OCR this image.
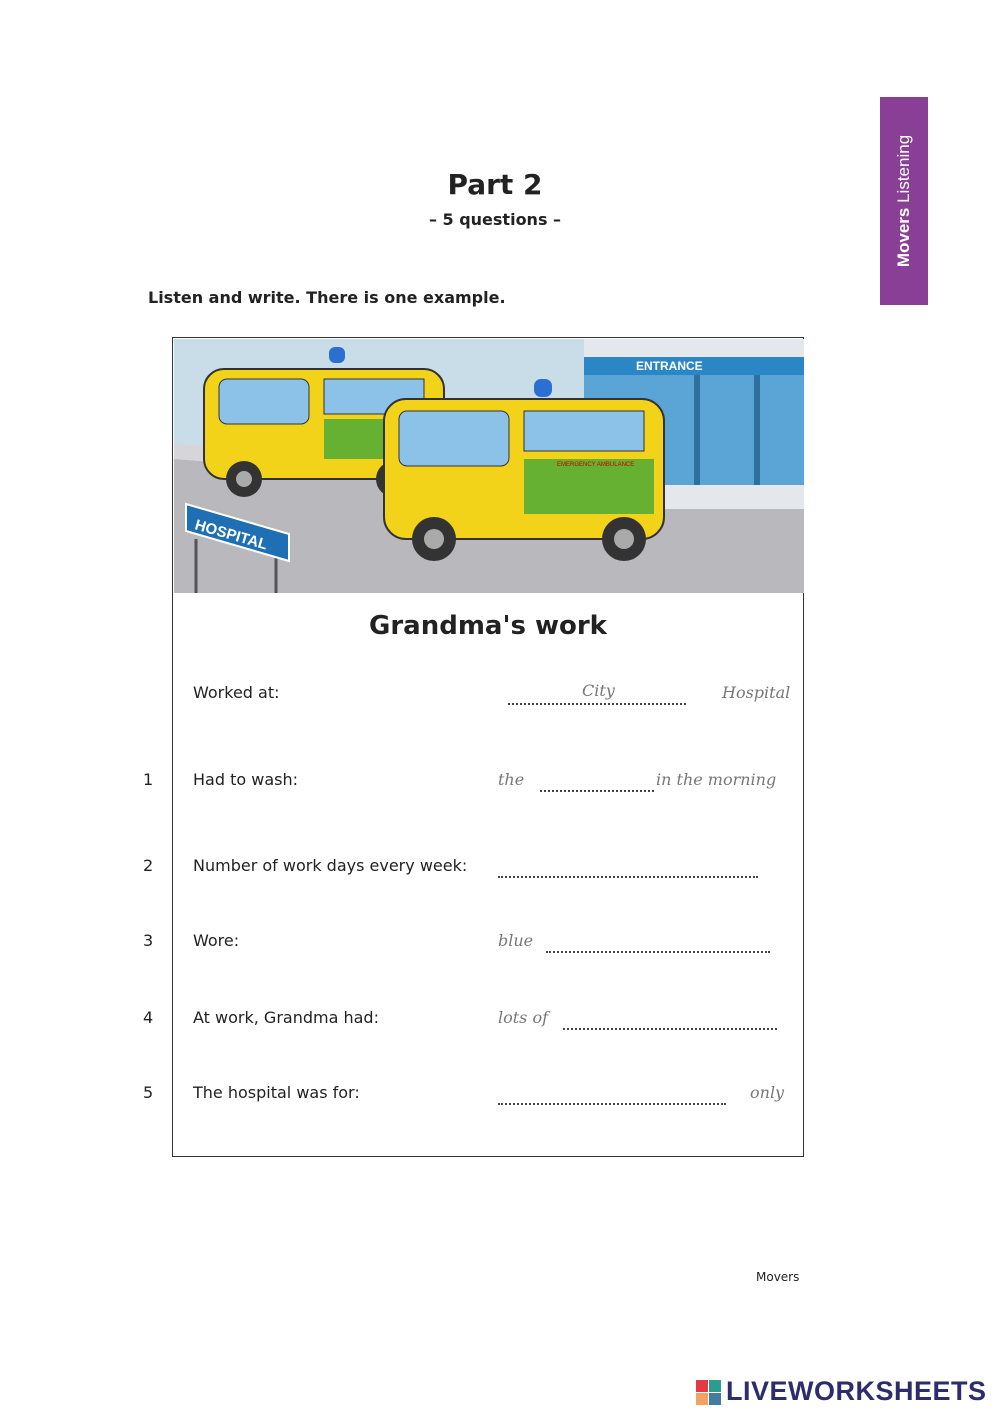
Movers Listening
Part 2
– 5 questions –
Listen and write. There is one example.
ENTRANCE
EMERGENCY AMBULANCE
HOSPITAL
Grandma's work
Worked at:	City	Hospital
1 Had to wash:	the	in the morning
2 Number of work days every week:
3 Wore:	blue
4 At work, Grandma had:	lots of
5 The hospital was for:	only
Movers
LIVEWORKSHEETS
